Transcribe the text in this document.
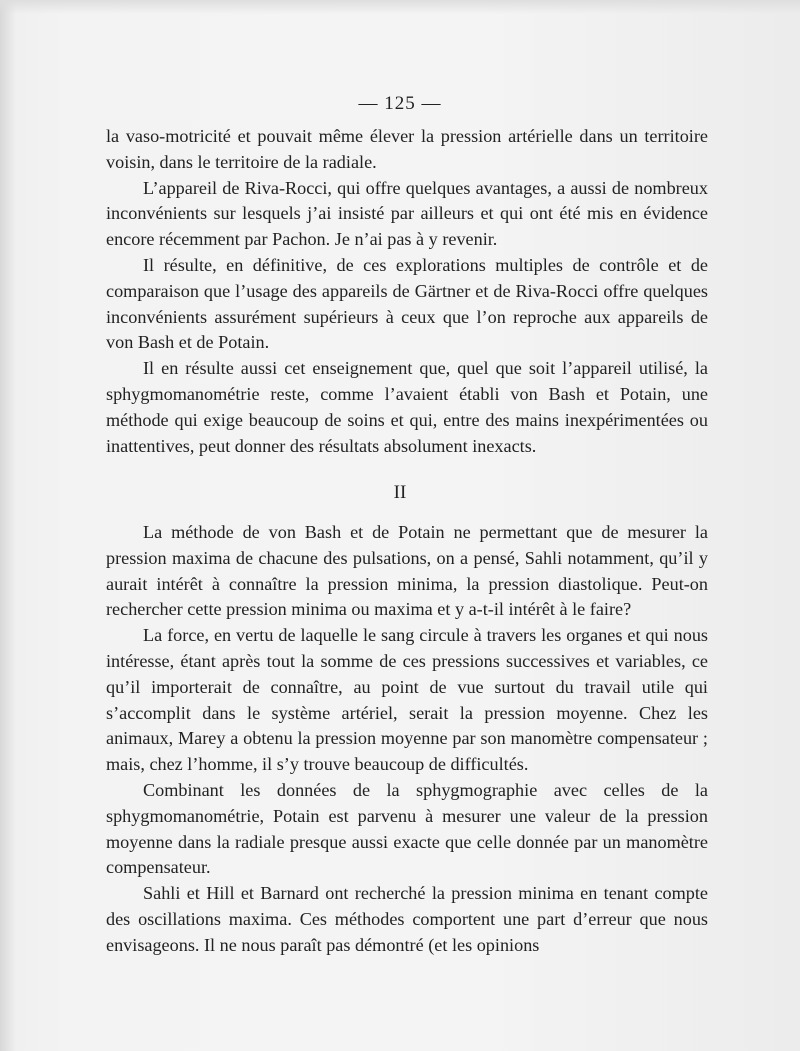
— 125 —

la vaso-motricité et pouvait même élever la pression artérielle dans un territoire voisin, dans le territoire de la radiale.

L’appareil de Riva-Rocci, qui offre quelques avantages, a aussi de nombreux inconvénients sur lesquels j’ai insisté par ailleurs et qui ont été mis en évidence encore récemment par Pachon. Je n’ai pas à y revenir.

Il résulte, en définitive, de ces explorations multiples de contrôle et de comparaison que l’usage des appareils de Gärtner et de Riva-Rocci offre quelques inconvénients assurément supérieurs à ceux que l’on reproche aux appareils de von Bash et de Potain.

Il en résulte aussi cet enseignement que, quel que soit l’appareil utilisé, la sphygmomanométrie reste, comme l’avaient établi von Bash et Potain, une méthode qui exige beaucoup de soins et qui, entre des mains inexpérimentées ou inattentives, peut donner des résultats absolument inexacts.

II

La méthode de von Bash et de Potain ne permettant que de mesurer la pression maxima de chacune des pulsations, on a pensé, Sahli notamment, qu’il y aurait intérêt à connaître la pression minima, la pression diastolique. Peut-on rechercher cette pression minima ou maxima et y a-t-il intérêt à le faire?

La force, en vertu de laquelle le sang circule à travers les organes et qui nous intéresse, étant après tout la somme de ces pressions successives et variables, ce qu’il importerait de connaître, au point de vue surtout du travail utile qui s’accomplit dans le système artériel, serait la pression moyenne. Chez les animaux, Marey a obtenu la pression moyenne par son manomètre compensateur ; mais, chez l’homme, il s’y trouve beaucoup de difficultés.

Combinant les données de la sphygmographie avec celles de la sphygmomanométrie, Potain est parvenu à mesurer une valeur de la pression moyenne dans la radiale presque aussi exacte que celle donnée par un manomètre compensateur.

Sahli et Hill et Barnard ont recherché la pression minima en tenant compte des oscillations maxima. Ces méthodes comportent une part d’erreur que nous envisageons. Il ne nous paraît pas démontré (et les opinions
